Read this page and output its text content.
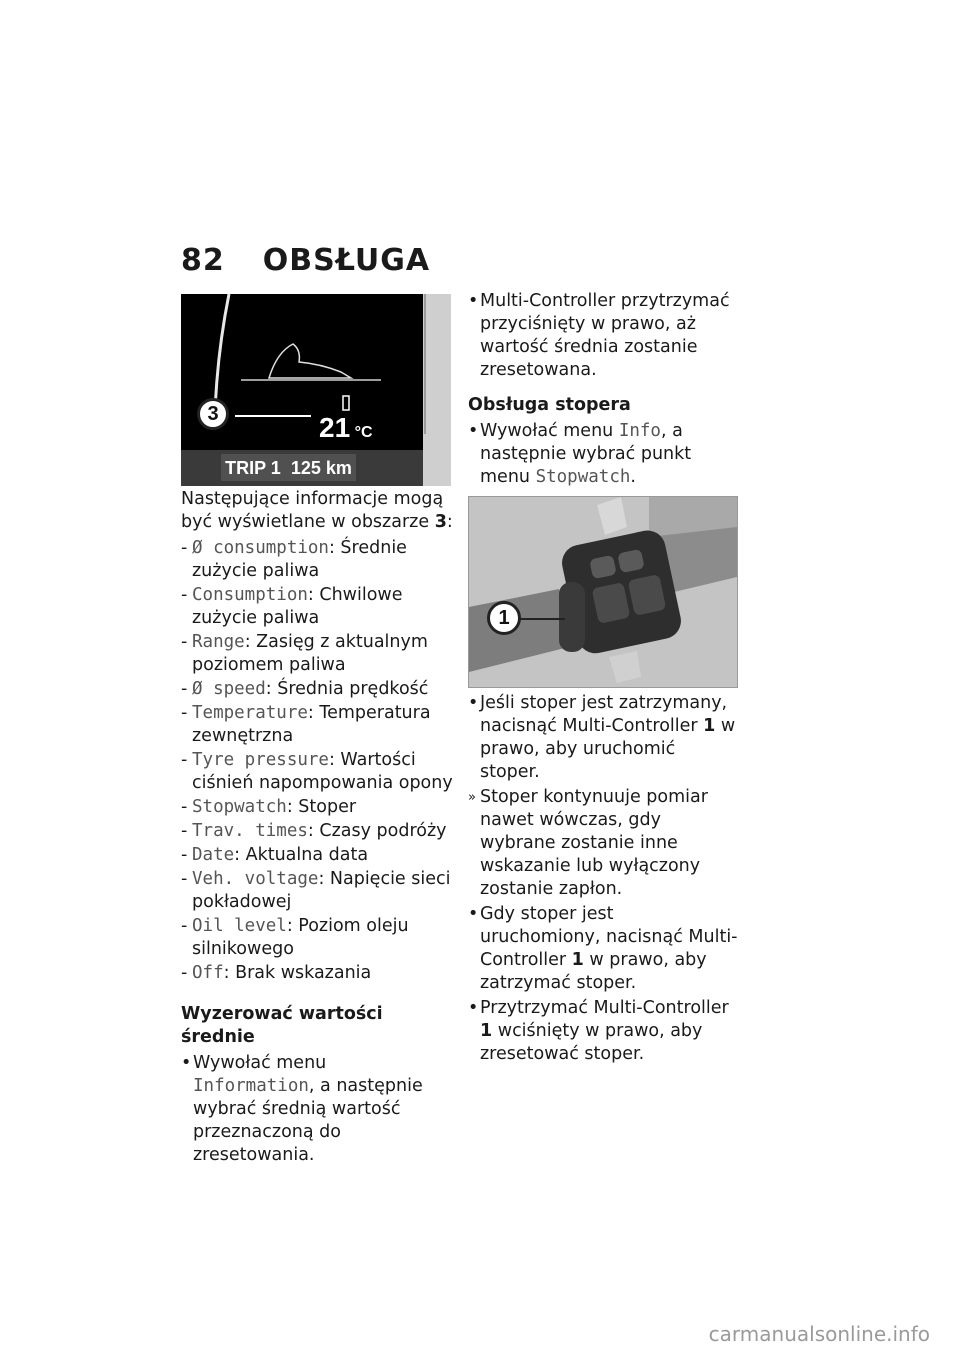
82 OBSŁUGA
3	21 °C
TRIP 1  125 km
Następujące informacje mogą być wyświetlane w obszarze 3:
- Ø consumption: Średnie zużycie paliwa
- Consumption: Chwilowe zużycie paliwa
- Range: Zasięg z aktualnym poziomem paliwa
- Ø speed: Średnia prędkość
- Temperature: Temperatura zewnętrzna
- Tyre pressure: Wartości ciśnień napompowania opony
- Stopwatch: Stoper
- Trav. times: Czasy podróży
- Date: Aktualna data
- Veh. voltage: Napięcie sieci pokładowej
- Oil level: Poziom oleju silnikowego
- Off: Brak wskazania
Wyzerować wartości średnie
• Wywołać menu Information, a następnie wybrać średnią wartość przeznaczoną do zresetowania.
• Multi-Controller przytrzymać przyciśnięty w prawo, aż wartość średnia zostanie zresetowana.
Obsługa stopera
• Wywołać menu Info, a następnie wybrać punkt menu Stopwatch.
1
• Jeśli stoper jest zatrzymany, nacisnąć Multi-Controller 1 w prawo, aby uruchomić stoper.
» Stoper kontynuuje pomiar nawet wówczas, gdy wybrane zostanie inne wskazanie lub wyłączony zostanie zapłon.
• Gdy stoper jest uruchomiony, nacisnąć Multi-Controller 1 w prawo, aby zatrzymać stoper.
• Przytrzymać Multi-Controller 1 wciśnięty w prawo, aby zresetować stoper.
carmanualsonline.info
